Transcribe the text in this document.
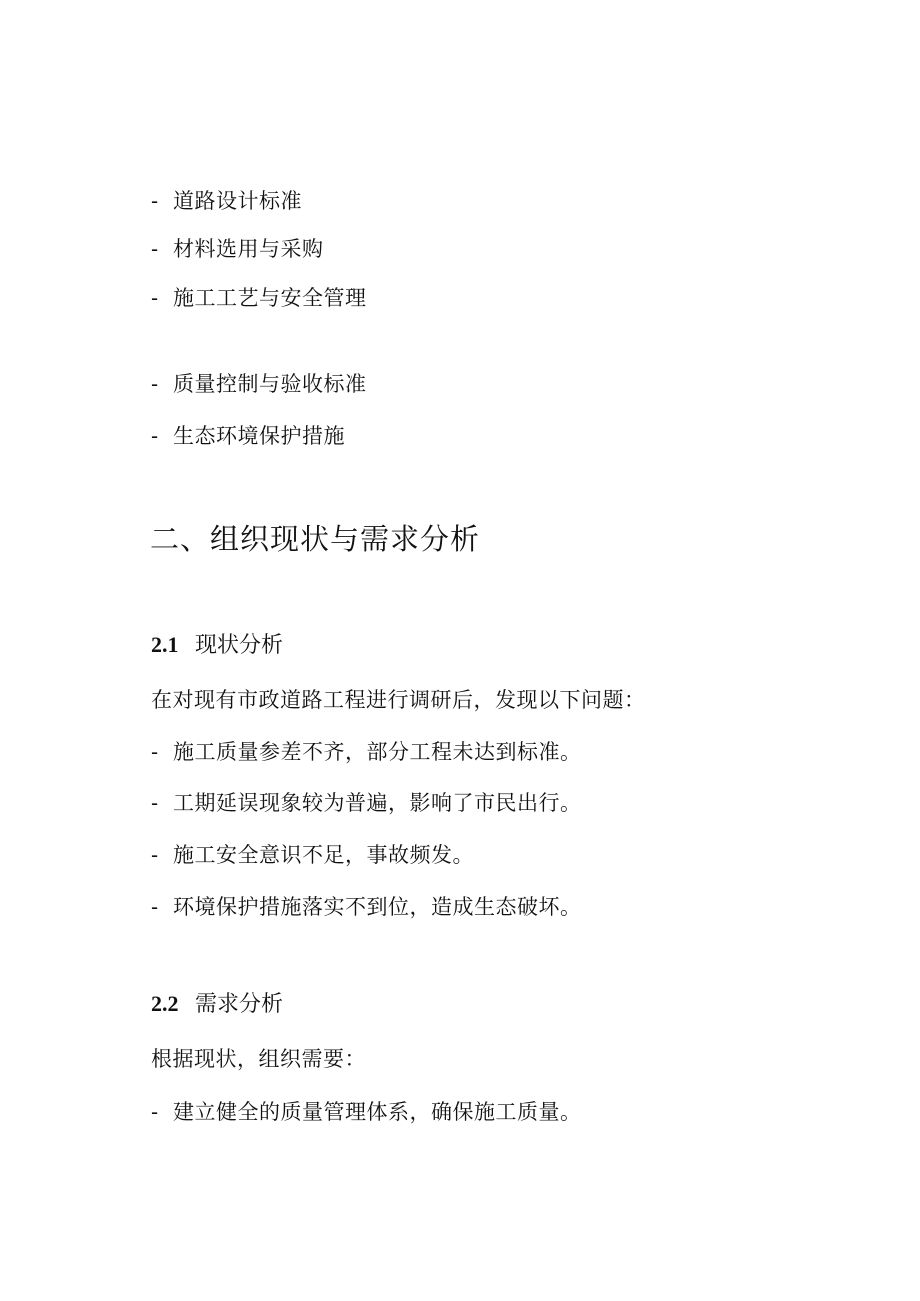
- 道路设计标准
- 材料选用与采购
- 施工工艺与安全管理
- 质量控制与验收标准
- 生态环境保护措施
二、组织现状与需求分析
2.1 现状分析
在对现有市政道路工程进行调研后，发现以下问题：
- 施工质量参差不齐，部分工程未达到标准。
- 工期延误现象较为普遍，影响了市民出行。
- 施工安全意识不足，事故频发。
- 环境保护措施落实不到位，造成生态破坏。
2.2 需求分析
根据现状，组织需要：
- 建立健全的质量管理体系，确保施工质量。
